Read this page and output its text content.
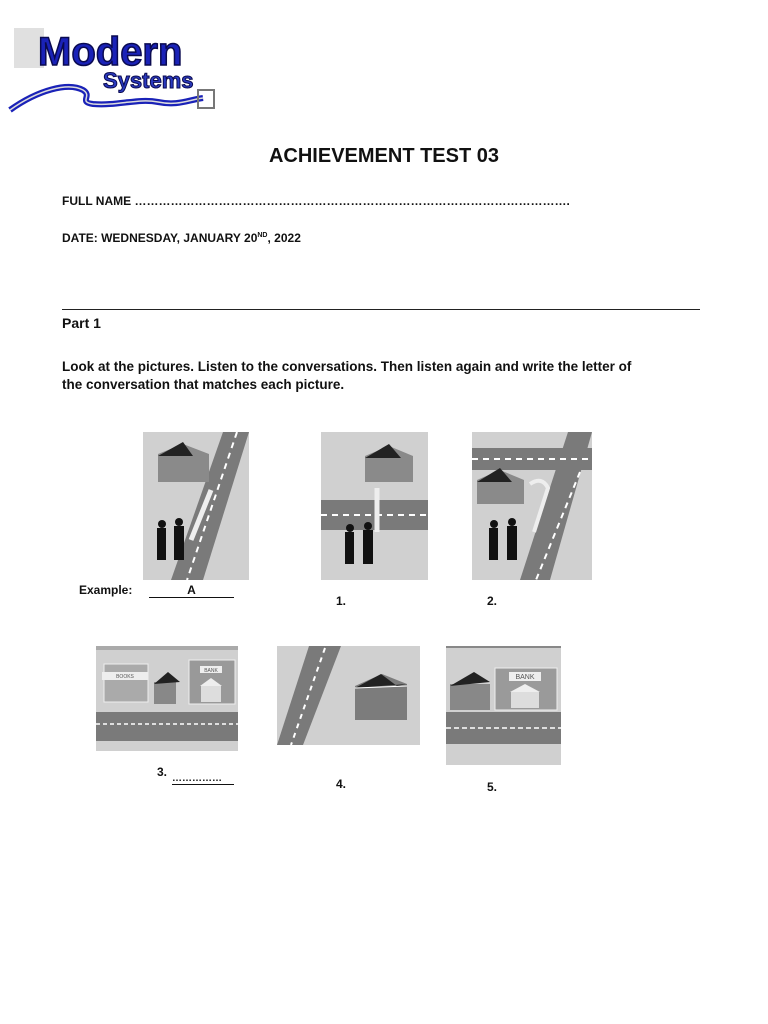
Modern
Systems
ACHIEVEMENT TEST 03
FULL NAME ……………………………………………………………………………………………….
DATE: WEDNESDAY, JANUARY 20ND, 2022
Part 1
Look at the pictures. Listen to the conversations. Then listen again and write the letter of
the conversation that matches each picture.
Example:	A
1.	2.
BOOKS
BANK
3. ……………	4.
BANK
5.
